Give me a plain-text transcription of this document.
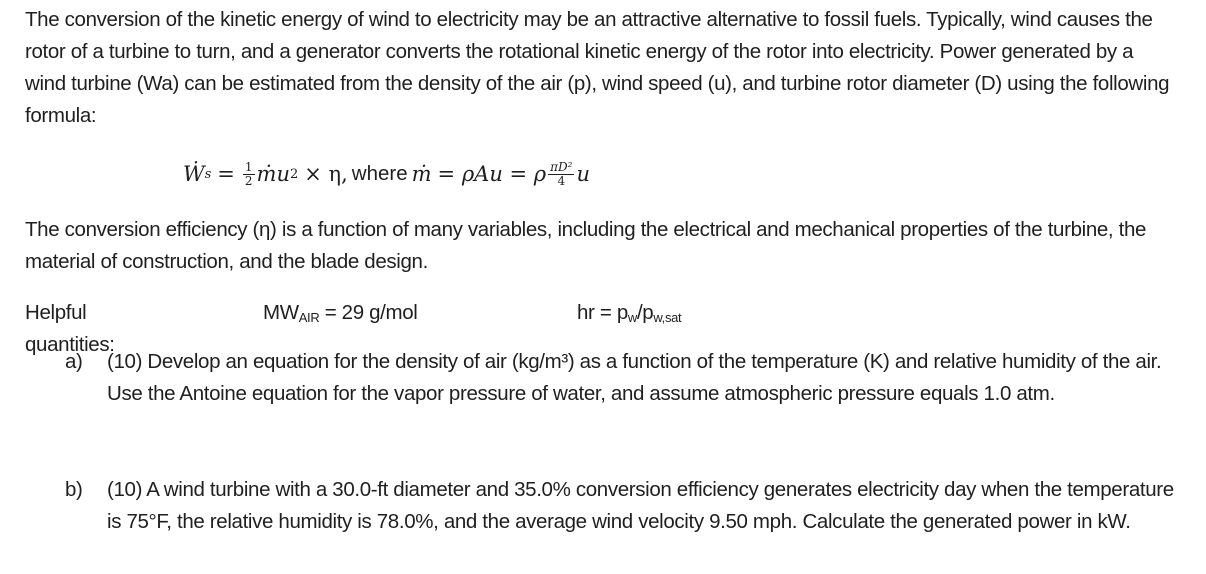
The conversion of the kinetic energy of wind to electricity may be an attractive alternative to fossil fuels. Typically, wind causes the rotor of a turbine to turn, and a generator converts the rotational kinetic energy of the rotor into electricity. Power generated by a wind turbine (Wa) can be estimated from the density of the air (p), wind speed (u), and turbine rotor diameter (D) using the following formula:

Ẇ $s = \frac{1}{2}$ ṁ u 2 × η, where ṁ = ρAu = ρ $\frac{\text{πD²}}{4}$ u

The conversion efficiency (η) is a function of many variables, including the electrical and mechanical properties of the turbine, the material of construction, and the blade design.

Helpful quantities:
$MW_{AIR} = 29$ g/mol	hr = $p_w/p_{w,sat}$
a) (10) Develop an equation for the density of air (kg/m³) as a function of the temperature (K) and relative humidity of the air. Use the Antoine equation for the vapor pressure of water, and assume atmospheric pressure equals 1.0 atm.
b) (10) A wind turbine with a 30.0-ft diameter and 35.0% conversion efficiency generates electricity day when the temperature is 75°F, the relative humidity is 78.0%, and the average wind velocity 9.50 mph. Calculate the generated power in kW.
